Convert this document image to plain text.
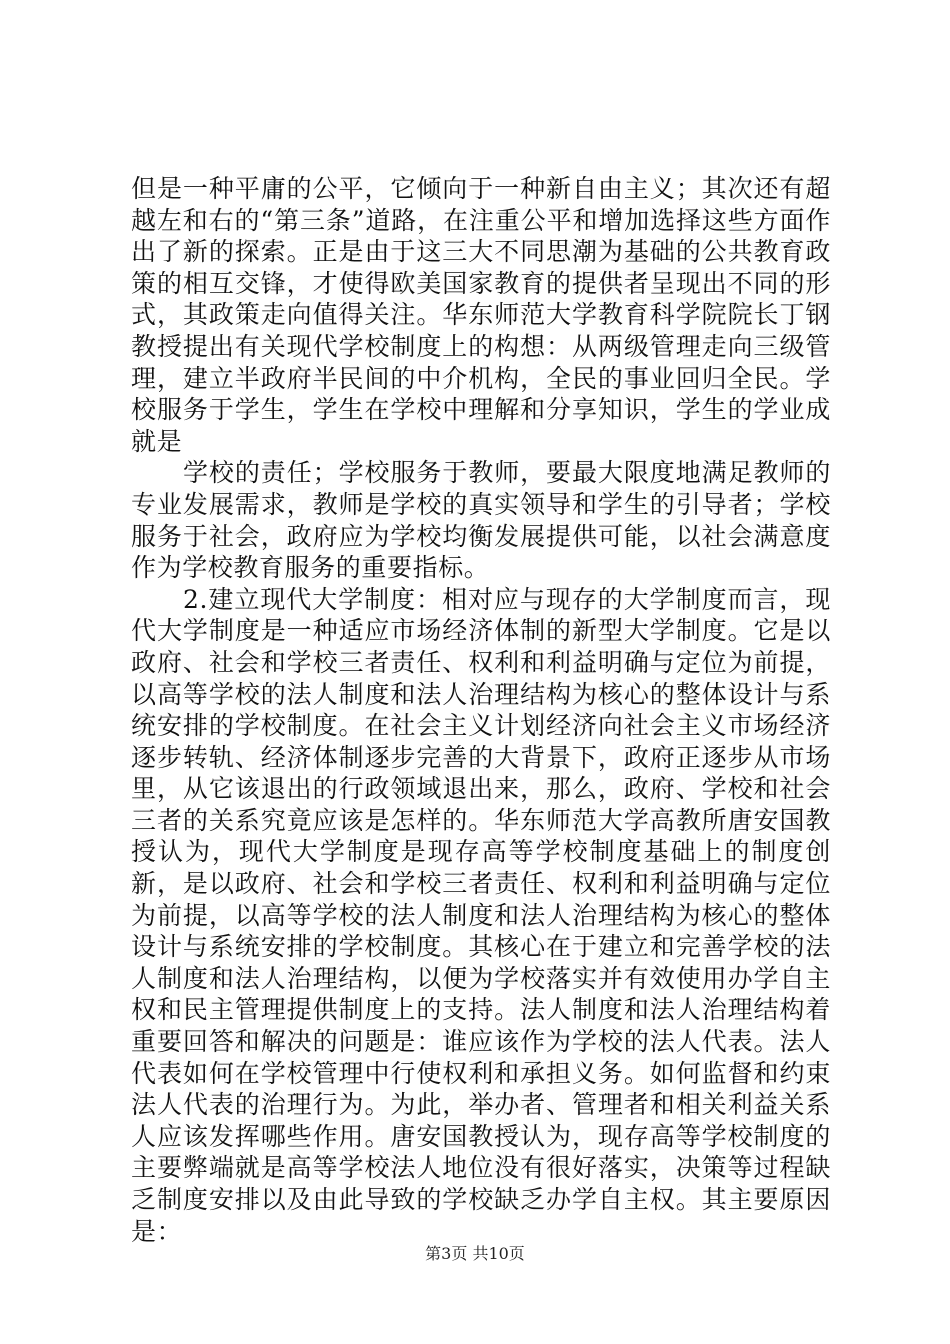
但是一种平庸的公平，它倾向于一种新自由主义；其次还有超越左和右的“第三条”道路，在注重公平和增加选择这些方面作出了新的探索。正是由于这三大不同思潮为基础的公共教育政策的相互交锋，才使得欧美国家教育的提供者呈现出不同的形式，其政策走向值得关注。华东师范大学教育科学院院长丁钢教授提出有关现代学校制度上的构想：从两级管理走向三级管理，建立半政府半民间的中介机构，全民的事业回归全民。学校服务于学生，学生在学校中理解和分享知识，学生的学业成就是

学校的责任；学校服务于教师，要最大限度地满足教师的专业发展需求，教师是学校的真实领导和学生的引导者；学校服务于社会，政府应为学校均衡发展提供可能，以社会满意度作为学校教育服务的重要指标。

2.建立现代大学制度：相对应与现存的大学制度而言，现代大学制度是一种适应市场经济体制的新型大学制度。它是以政府、社会和学校三者责任、权利和利益明确与定位为前提，以高等学校的法人制度和法人治理结构为核心的整体设计与系统安排的学校制度。在社会主义计划经济向社会主义市场经济逐步转轨、经济体制逐步完善的大背景下，政府正逐步从市场里，从它该退出的行政领域退出来，那么，政府、学校和社会三者的关系究竟应该是怎样的。华东师范大学高教所唐安国教授认为，现代大学制度是现存高等学校制度基础上的制度创新，是以政府、社会和学校三者责任、权利和利益明确与定位为前提，以高等学校的法人制度和法人治理结构为核心的整体设计与系统安排的学校制度。其核心在于建立和完善学校的法人制度和法人治理结构，以便为学校落实并有效使用办学自主权和民主管理提供制度上的支持。法人制度和法人治理结构着重要回答和解决的问题是：谁应该作为学校的法人代表。法人代表如何在学校管理中行使权利和承担义务。如何监督和约束法人代表的治理行为。为此，举办者、管理者和相关利益关系人应该发挥哪些作用。唐安国教授认为，现存高等学校制度的主要弊端就是高等学校法人地位没有很好落实，决策等过程缺乏制度安排以及由此导致的学校缺乏办学自主权。其主要原因是：

第3页 共10页
